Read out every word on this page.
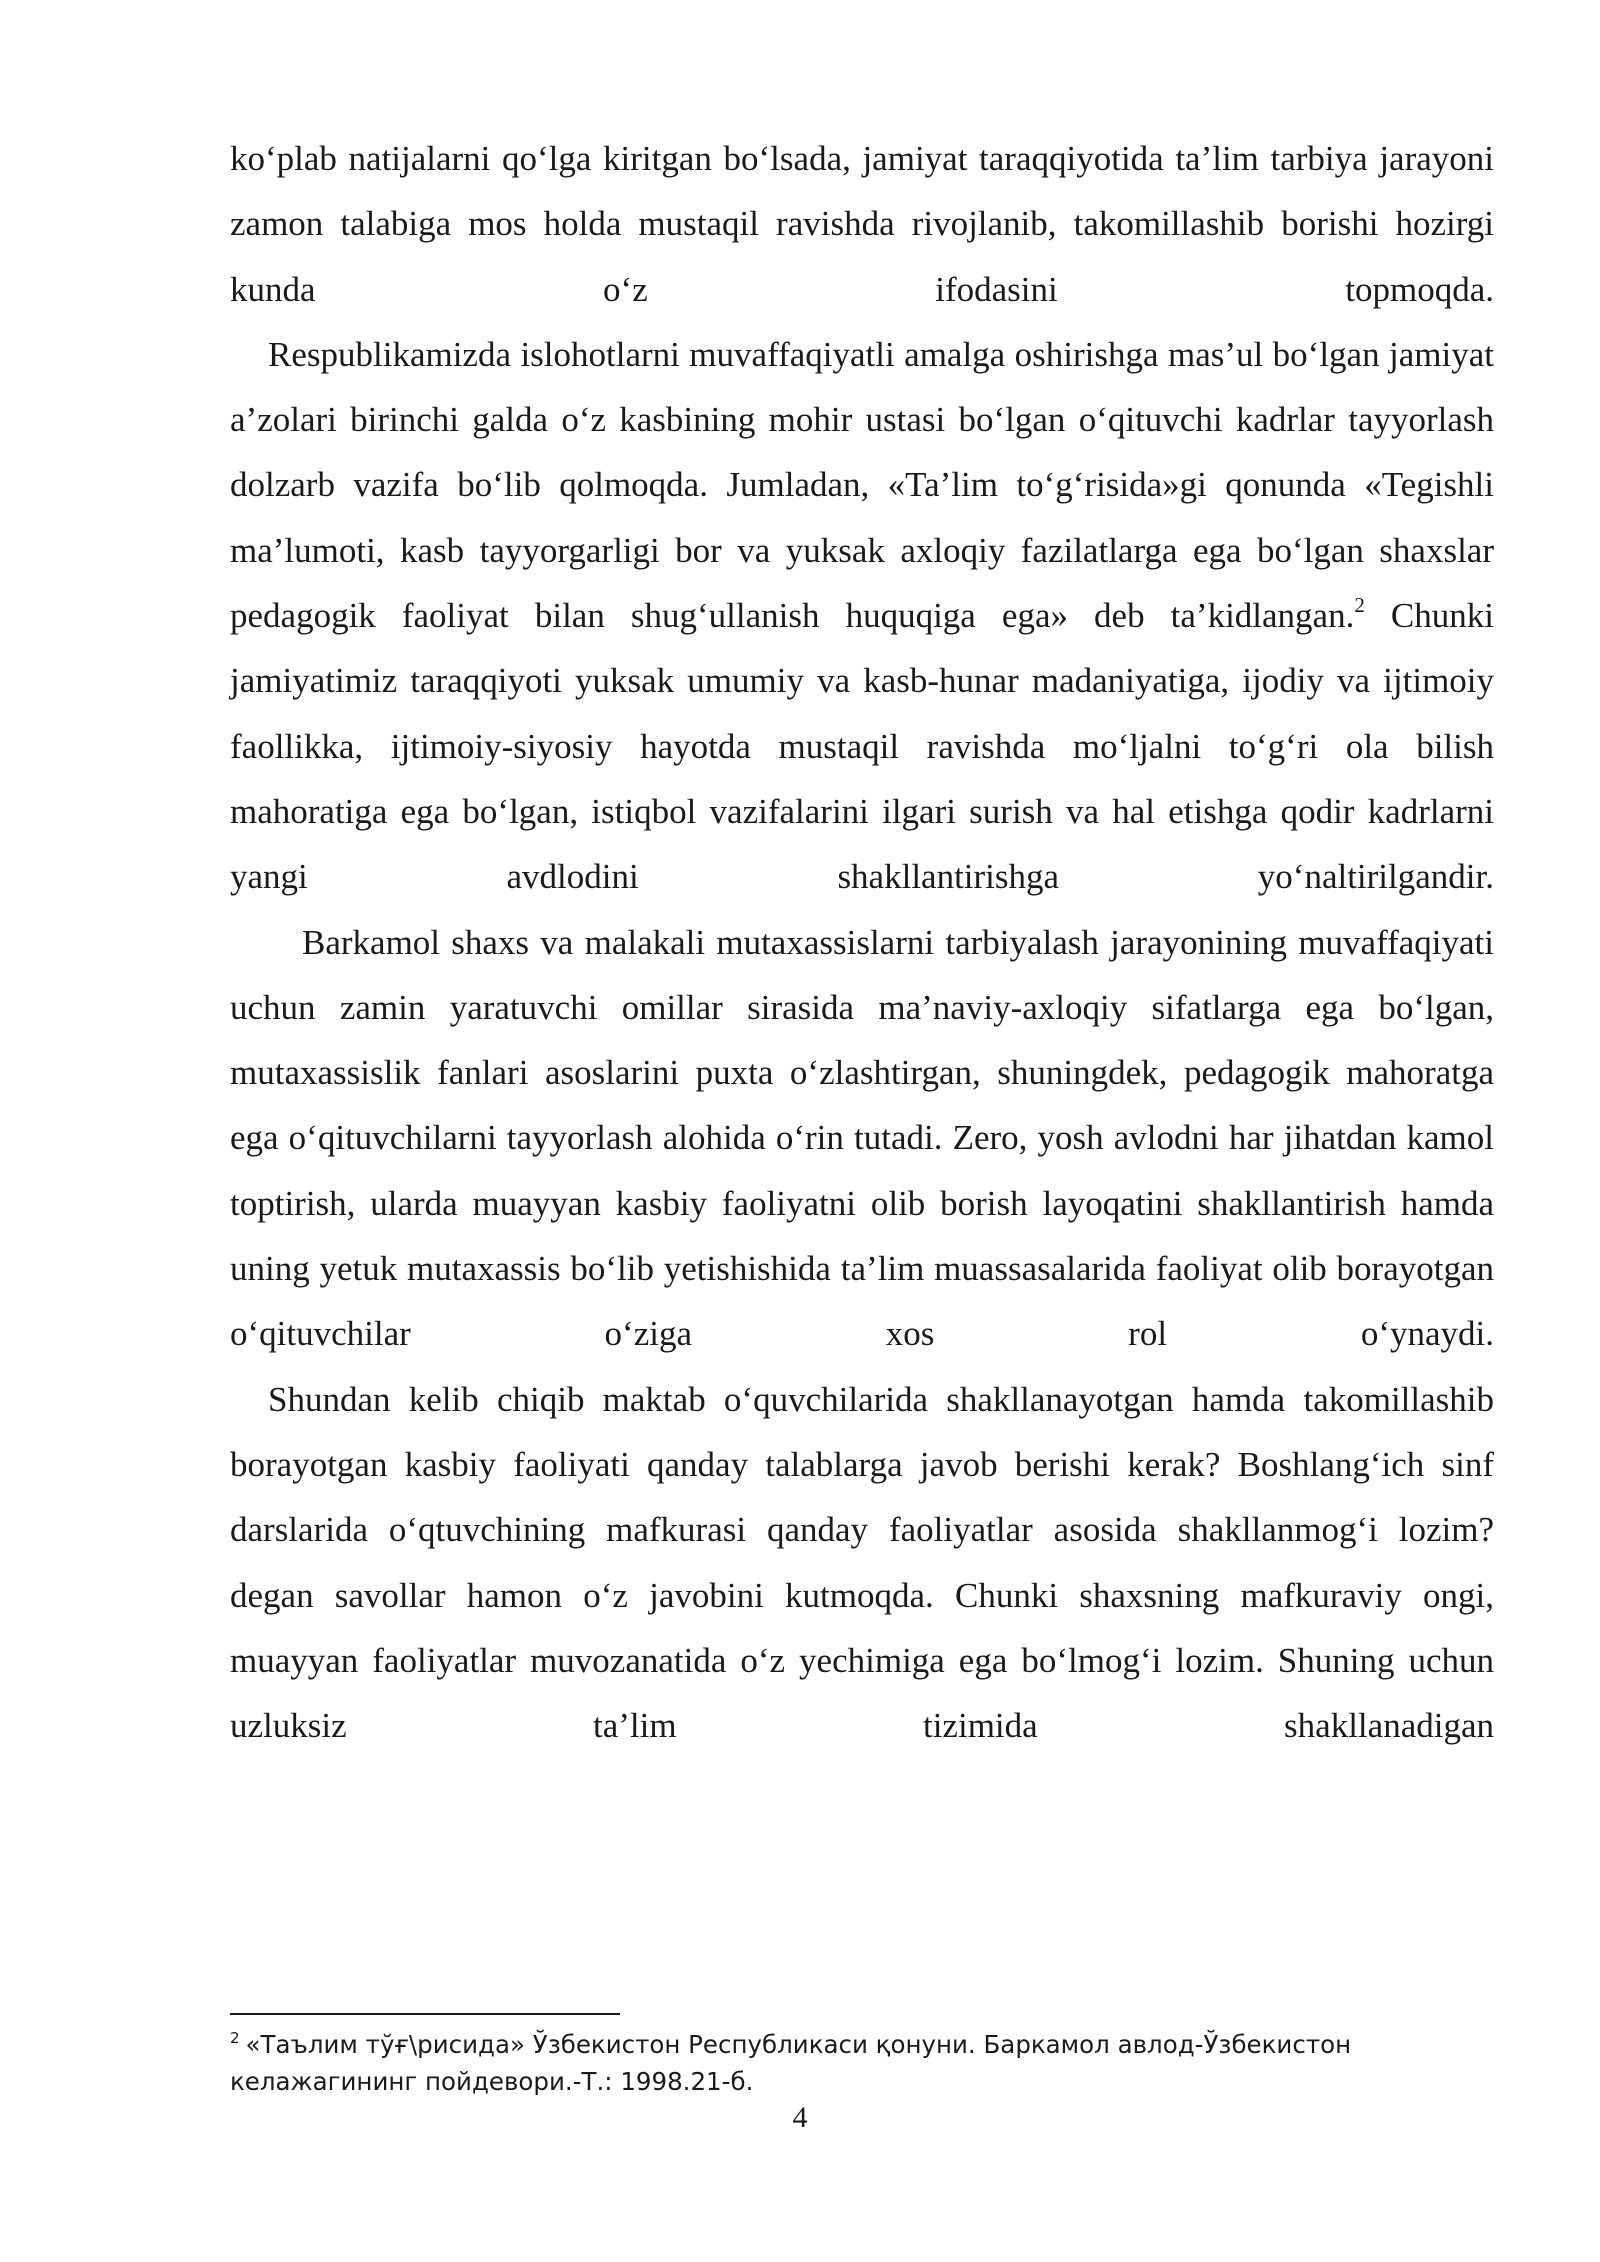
ko‘plab natijalarni qo‘lga kiritgan bo‘lsada, jamiyat taraqqiyotida ta’lim tarbiya jarayoni zamon talabiga mos holda mustaqil ravishda rivojlanib, takomillashib borishi hozirgi kunda o‘z ifodasini topmoqda.

Respublikamizda islohotlarni muvaffaqiyatli amalga oshirishga mas’ul bo‘lgan jamiyat a’zolari birinchi galda o‘z kasbining mohir ustasi bo‘lgan o‘qituvchi kadrlar tayyorlash dolzarb vazifa bo‘lib qolmoqda. Jumladan, «Ta’lim to‘g‘risida»gi qonunda «Tegishli ma’lumoti, kasb tayyorgarligi bor va yuksak axloqiy fazilatlarga ega bo‘lgan shaxslar pedagogik faoliyat bilan shug‘ullanish huquqiga ega» deb ta’kidlangan.$^2$ Chunki jamiyatimiz taraqqiyoti yuksak umumiy va kasb-hunar madaniyatiga, ijodiy va ijtimoiy faollikka, ijtimoiy-siyosiy hayotda mustaqil ravishda mo‘ljalni to‘g‘ri ola bilish mahoratiga ega bo‘lgan, istiqbol vazifalarini ilgari surish va hal etishga qodir kadrlarni yangi avdlodini	shakllantirishga yo‘naltirilgandir.

Barkamol shaxs va malakali mutaxassislarni tarbiyalash jarayonining muvaffaqiyati uchun zamin yaratuvchi omillar sirasida ma’naviy-axloqiy sifatlarga ega bo‘lgan, mutaxassislik fanlari asoslarini puxta o‘zlashtirgan, shuningdek, pedagogik mahoratga ega o‘qituvchilarni tayyorlash alohida o‘rin tutadi. Zero, yosh avlodni har jihatdan kamol toptirish, ularda muayyan kasbiy faoliyatni olib borish layoqatini shakllantirish hamda uning yetuk mutaxassis bo‘lib yetishishida ta’lim muassasalarida faoliyat olib borayotgan o‘qituvchilar o‘ziga xos rol	o‘ynaydi.

Shundan kelib chiqib maktab o‘quvchilarida shakllanayotgan hamda takomillashib borayotgan kasbiy faoliyati qanday talablarga javob berishi kerak? Boshlang‘ich sinf darslarida o‘qtuvchining mafkurasi qanday faoliyatlar asosida shakllanmog‘i lozim? degan savollar hamon o‘z javobini kutmoqda. Chunki shaxsning mafkuraviy ongi, muayyan faoliyatlar muvozanatida o‘z yechimiga ega bo‘lmog‘i lozim. Shuning uchun uzluksiz ta’lim tizimida shakllanadigan

$^2$ «Таълим тўғ\рисида» Ўзбекистон Республикаси қонуни. Баркамол авлод-Ўзбекистон
келажагининг пойдевори.-Т.: 1998.21-б.
4
